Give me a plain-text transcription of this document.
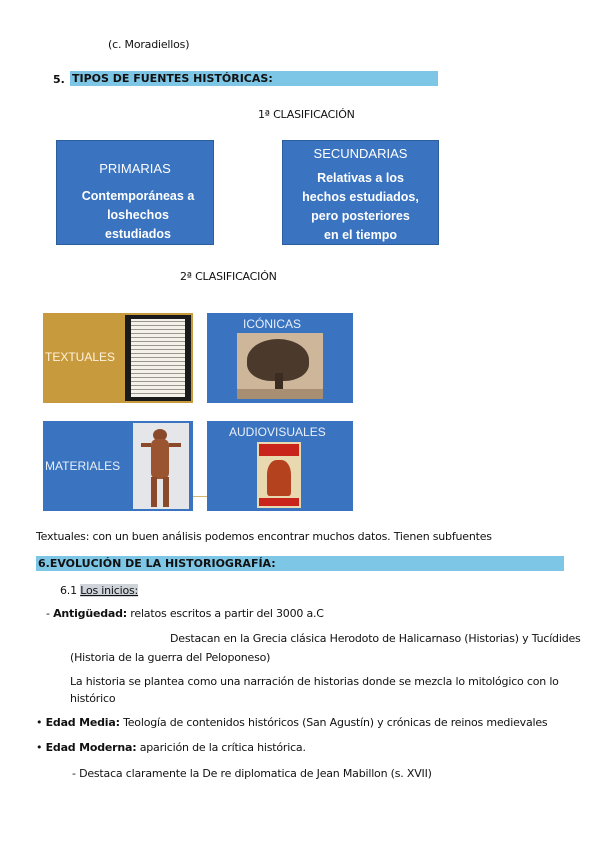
(c. Moradiellos)
5. TIPOS DE FUENTES HISTÓRICAS:
1ª CLASIFICACIÓN
PRIMARIAS
Contemporáneas a
loshechos
estudiados
SECUNDARIAS
Relativas a los
hechos estudiados,
pero posteriores
en el tiempo
2ª CLASIFICACIÓN
TEXTUALES
ICÓNICAS
MATERIALES
AUDIOVISUALES
Textuales: con un buen análisis podemos encontrar muchos datos. Tienen subfuentes
6.EVOLUCIÓN DE LA HISTORIOGRAFÍA:
6.1 Los inicios:
- Antigüedad: relatos escritos a partir del 3000 a.C
Destacan en la Grecia clásica Herodoto de Halicarnaso (Historias) y Tucídides
(Historia de la guerra del Peloponeso)
La historia se plantea como una narración de historias donde se mezcla lo mitológico con lo
histórico
• Edad Media: Teología de contenidos históricos (San Agustín) y crónicas de reinos medievales
• Edad Moderna: aparición de la crítica histórica.
- Destaca claramente la De re diplomatica de Jean Mabillon (s. XVII)
